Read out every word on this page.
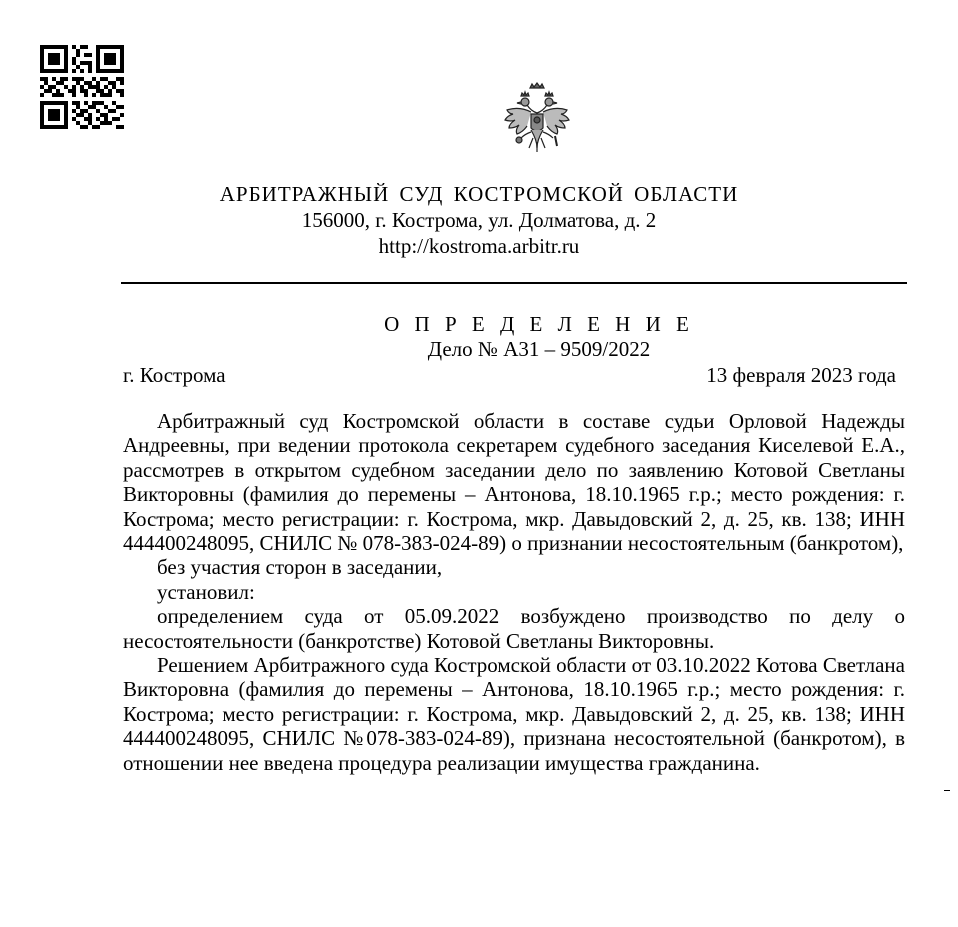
АРБИТРАЖНЫЙ СУД КОСТРОМСКОЙ ОБЛАСТИ
156000, г. Кострома, ул. Долматова, д. 2
http://kostroma.arbitr.ru
О П Р Е Д Е Л Е Н И Е
Дело № А31 – 9509/2022
г. Кострома	13 февраля 2023 года

Арбитражный суд Костромской области в составе судьи Орловой Надежды Андреевны, при ведении протокола секретарем судебного заседания Киселевой Е.А., рассмотрев в открытом судебном заседании дело по заявлению Котовой Светланы Викторовны (фамилия до перемены – Антонова, 18.10.1965 г.р.; место рождения: г. Кострома; место регистрации: г. Кострома, мкр. Давыдовский 2, д. 25, кв. 138; ИНН 444400248095, СНИЛС № 078-383-024-89) о признании несостоятельным (банкротом),

без участия сторон в заседании,

установил:

определением суда от 05.09.2022 возбуждено производство по делу о несостоятельности (банкротстве) Котовой Светланы Викторовны.

Решением Арбитражного суда Костромской области от 03.10.2022 Котова Светлана Викторовна (фамилия до перемены – Антонова, 18.10.1965 г.р.; место рождения: г. Кострома; место регистрации: г. Кострома, мкр. Давыдовский 2, д. 25, кв. 138; ИНН 444400248095, СНИЛС №078-383-024-89), признана несостоятельной (банкротом), в отношении нее введена процедура реализации имущества гражданина.
